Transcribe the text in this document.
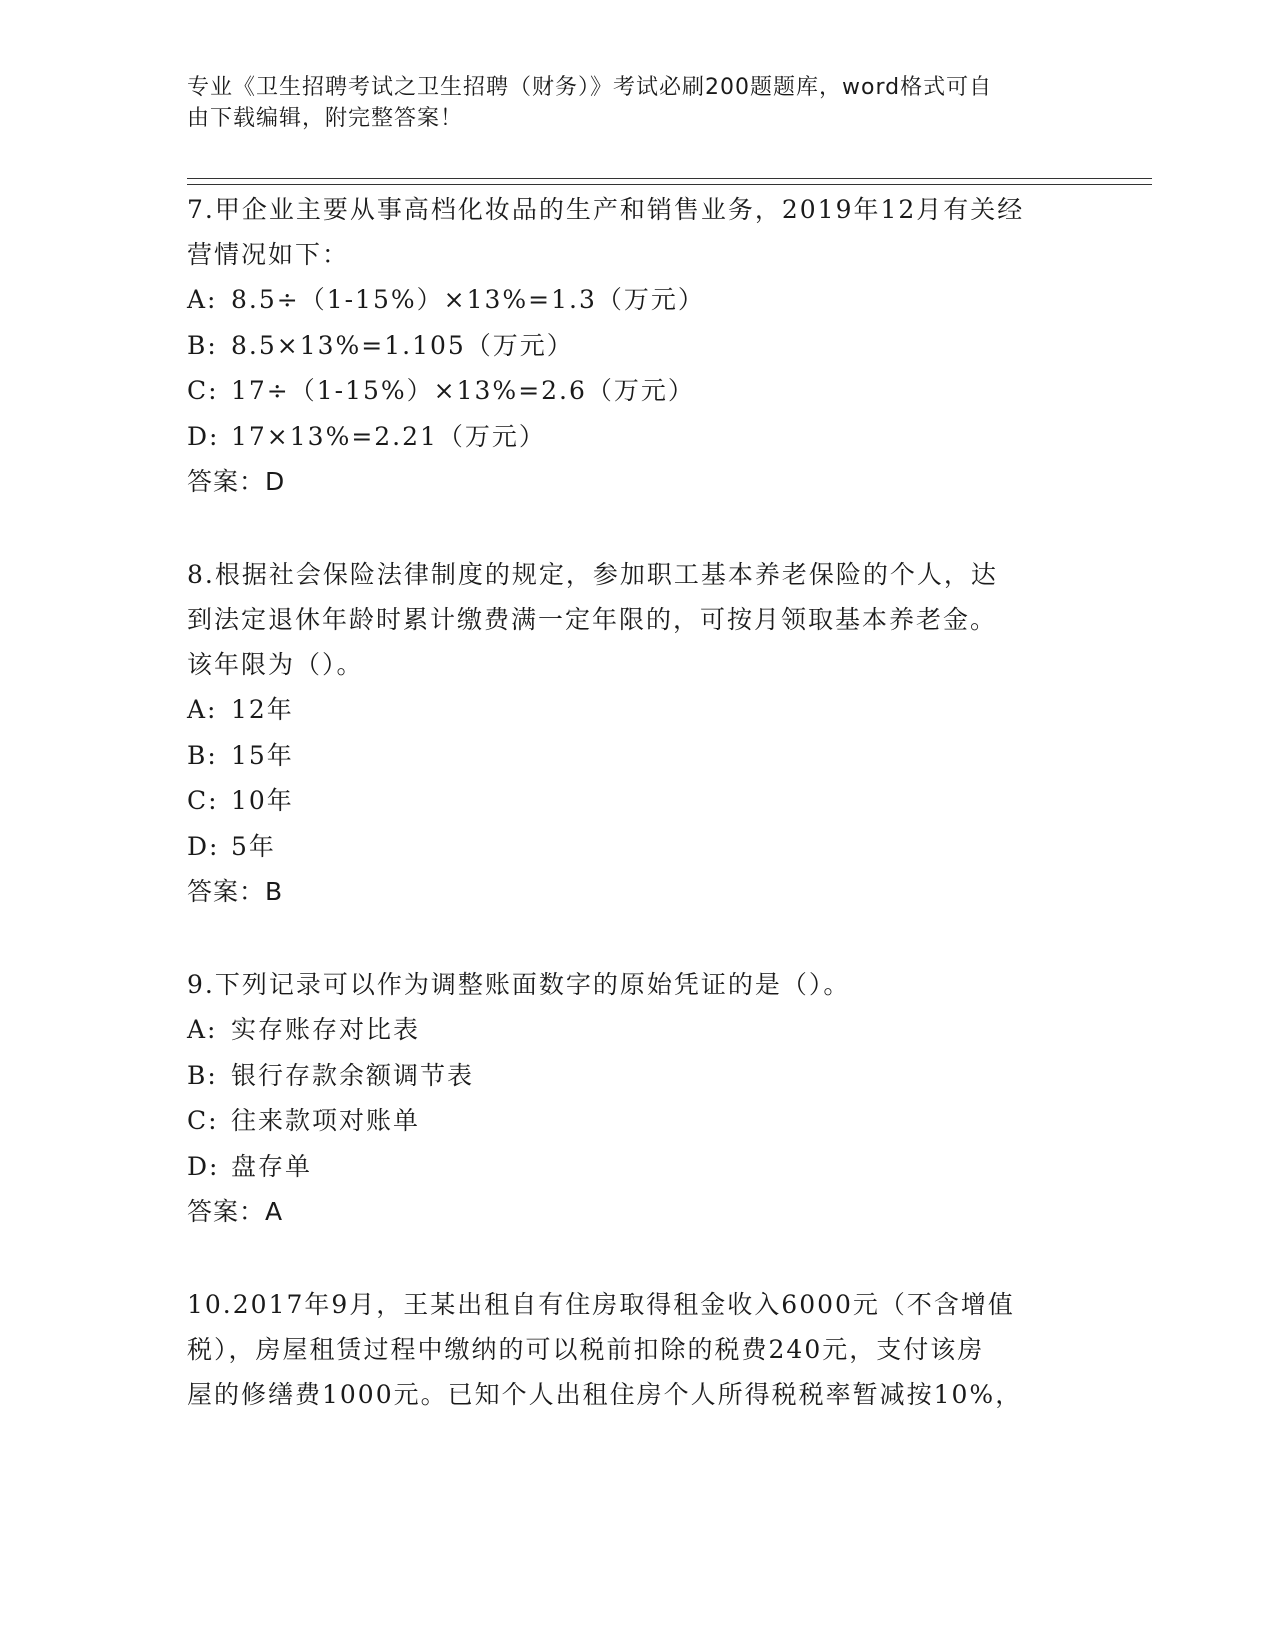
专业《卫生招聘考试之卫生招聘（财务）》考试必刷200题题库，word格式可自
由下载编辑，附完整答案！
7.甲企业主要从事高档化妆品的生产和销售业务，2019年12月有关经
营情况如下：
A: 8.5÷（1-15%）×13%=1.3（万元）
B: 8.5×13%=1.105（万元）
C: 17÷（1-15%）×13%=2.6（万元）
D: 17×13%=2.21（万元）
答案：D
8.根据社会保险法律制度的规定，参加职工基本养老保险的个人，达
到法定退休年龄时累计缴费满一定年限的，可按月领取基本养老金。
该年限为（）。
A: 12年
B: 15年
C: 10年
D: 5年
答案：B
9.下列记录可以作为调整账面数字的原始凭证的是（）。
A: 实存账存对比表
B: 银行存款余额调节表
C: 往来款项对账单
D: 盘存单
答案：A
10.2017年9月，王某出租自有住房取得租金收入6000元（不含增值
税），房屋租赁过程中缴纳的可以税前扣除的税费240元，支付该房
屋的修缮费1000元。已知个人出租住房个人所得税税率暂减按10%，
